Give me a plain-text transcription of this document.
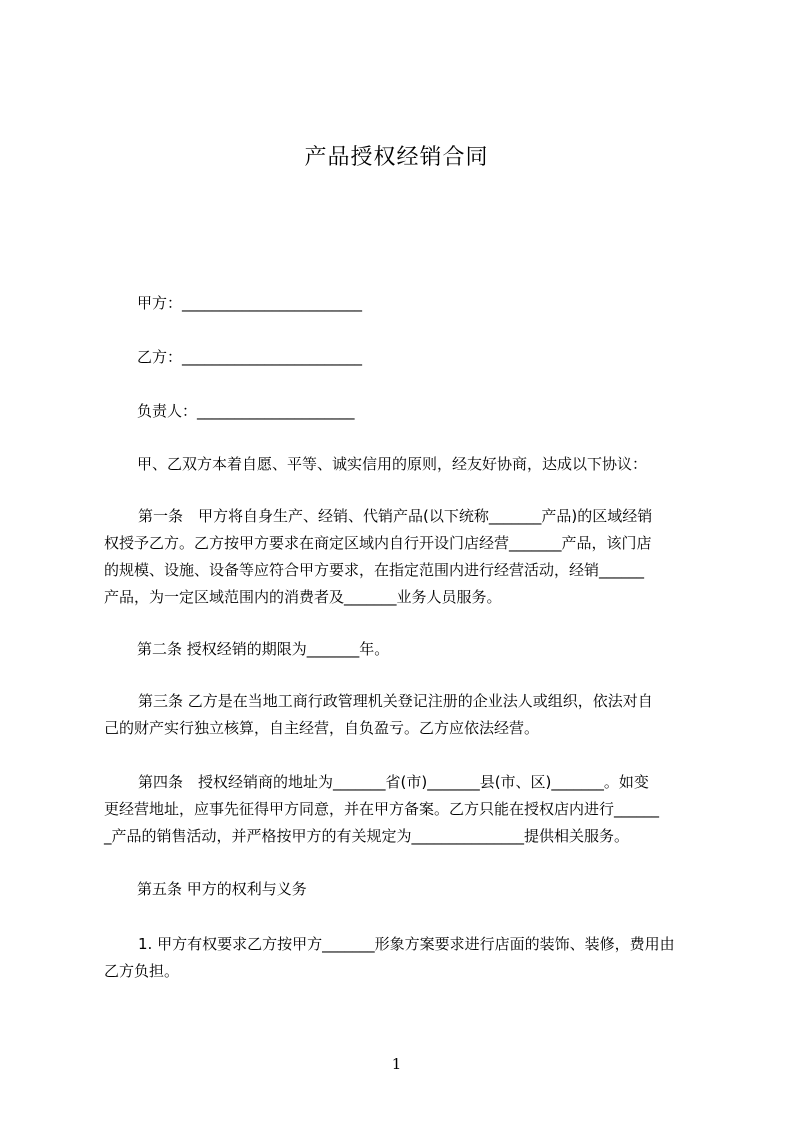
产品授权经销合同
甲方：________________________
乙方：________________________
负责人：_____________________
甲、乙双方本着自愿、平等、诚实信用的原则，经友好协商，达成以下协议：
第一条　甲方将自身生产、经销、代销产品(以下统称_______产品)的区域经销
权授予乙方。乙方按甲方要求在商定区域内自行开设门店经营_______产品，该门店
的规模、设施、设备等应符合甲方要求，在指定范围内进行经营活动，经销______
产品，为一定区域范围内的消费者及_______业务人员服务。
第二条 授权经销的期限为_______年。
第三条 乙方是在当地工商行政管理机关登记注册的企业法人或组织，依法对自
己的财产实行独立核算，自主经营，自负盈亏。乙方应依法经营。
第四条　授权经销商的地址为_______省(市)_______县(市、区)_______。如变
更经营地址，应事先征得甲方同意，并在甲方备案。乙方只能在授权店内进行______
_产品的销售活动，并严格按甲方的有关规定为_______________提供相关服务。
第五条 甲方的权利与义务
1. 甲方有权要求乙方按甲方_______形象方案要求进行店面的装饰、装修，费用由
乙方负担。
1
